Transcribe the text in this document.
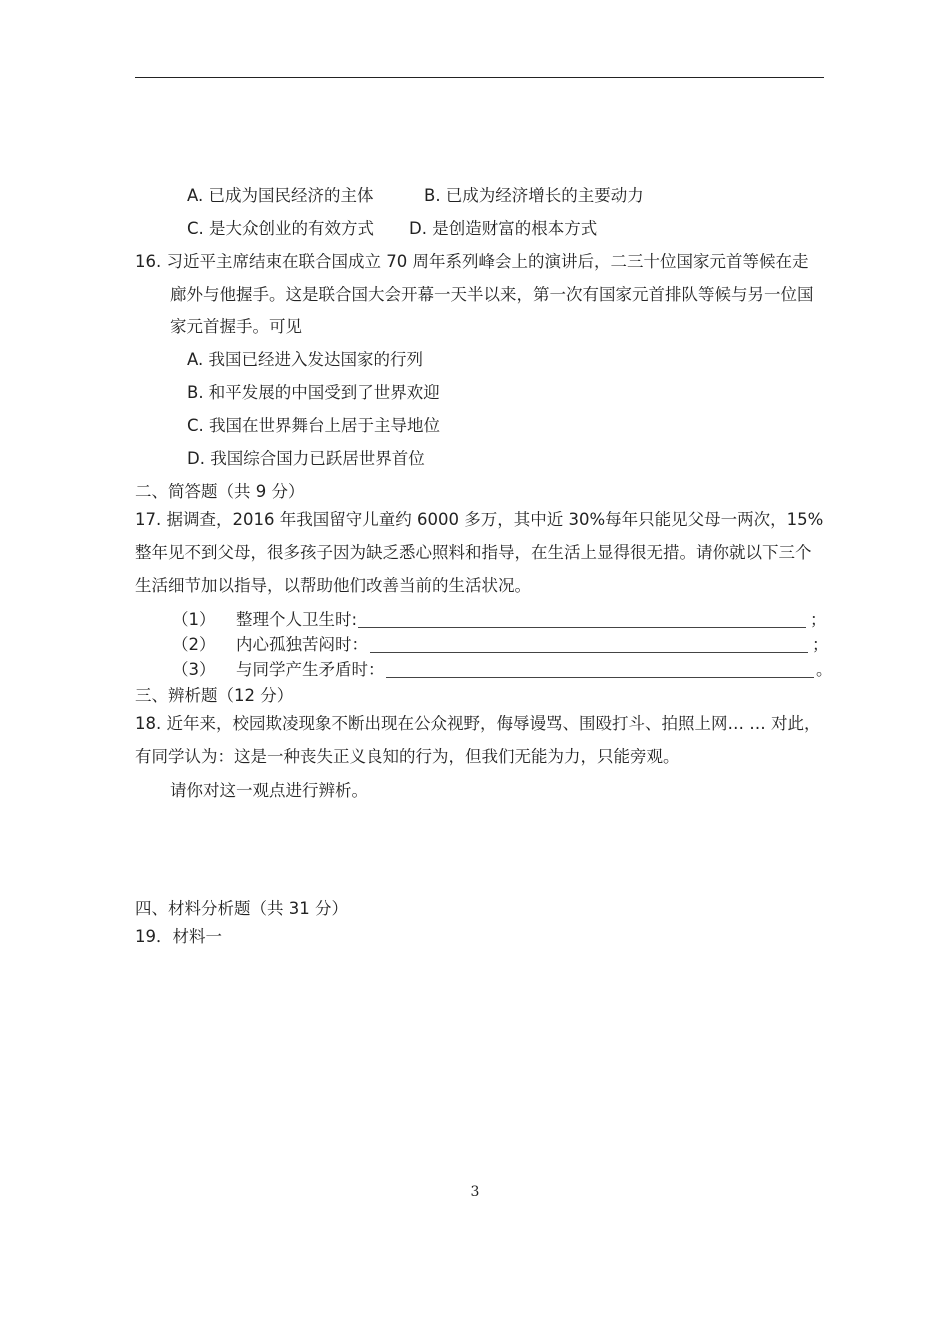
A. 已成为国民经济的主体	B. 已成为经济增长的主要动力
C. 是大众创业的有效方式 D. 是创造财富的根本方式
16. 习近平主席结束在联合国成立 70 周年系列峰会上的演讲后，二三十位国家元首等候在走
廊外与他握手。这是联合国大会开幕一天半以来，第一次有国家元首排队等候与另一位国
家元首握手。可见
A. 我国已经进入发达国家的行列
B. 和平发展的中国受到了世界欢迎
C. 我国在世界舞台上居于主导地位
D. 我国综合国力已跃居世界首位
二、简答题（共 9 分）
17. 据调查，2016 年我国留守儿童约 6000 多万，其中近 30%每年只能见父母一两次，15%
整年见不到父母，很多孩子因为缺乏悉心照料和指导，在生活上显得很无措。请你就以下三个
生活细节加以指导，以帮助他们改善当前的生活状况。
（1） 整理个人卫生时:	；
（2） 内心孤独苦闷时：	；
（3） 与同学产生矛盾时：	。
三、辨析题（12 分）
18. 近年来，校园欺凌现象不断出现在公众视野，侮辱谩骂、围殴打斗、拍照上网… … 对此，
有同学认为：这是一种丧失正义良知的行为，但我们无能为力，只能旁观。
请你对这一观点进行辨析。
四、材料分析题（共 31 分）
19．材料一
3
